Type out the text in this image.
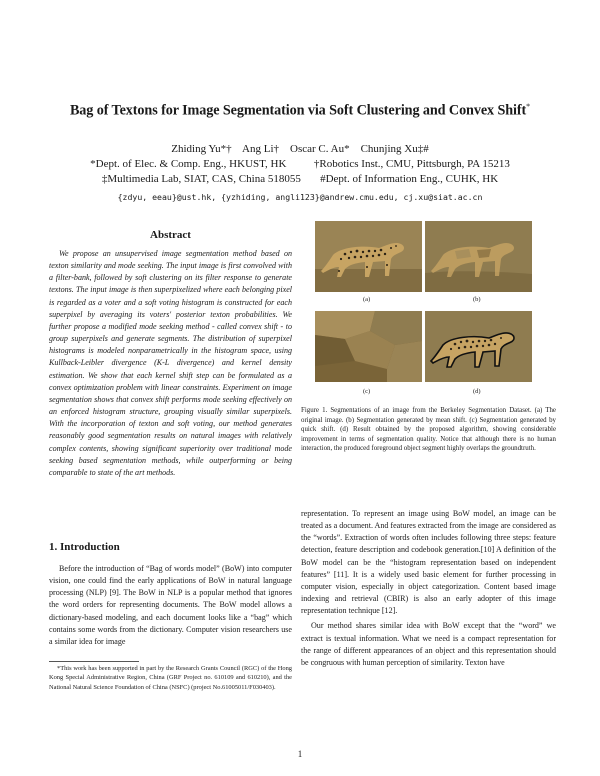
Bag of Textons for Image Segmentation via Soft Clustering and Convex Shift*
Zhiding Yu*†    Ang Li†    Oscar C. Au*    Chunjing Xu‡#
*Dept. of Elec. & Comp. Eng., HKUST, HK          †Robotics Inst., CMU, Pittsburgh, PA 15213
‡Multimedia Lab, SIAT, CAS, China 518055       #Dept. of Information Eng., CUHK, HK
{zdyu, eeau}@ust.hk, {yzhiding, angli123}@andrew.cmu.edu, cj.xu@siat.ac.cn
Abstract

We propose an unsupervised image segmentation method based on texton similarity and mode seeking. The input image is first convolved with a filter-bank, followed by soft clustering on its filter response to generate textons. The input image is then superpixelized where each belonging pixel is regarded as a voter and a soft voting histogram is constructed for each superpixel by averaging its voters' posterior texton probabilities. We further propose a modified mode seeking method - called convex shift - to group superpixels and generate segments. The distribution of superpixel histograms is modeled nonparametrically in the histogram space, using Kullback-Leibler divergence (K-L divergence) and kernel density estimation. We show that each kernel shift step can be formulated as a convex optimization problem with linear constraints. Experiment on image segmentation shows that convex shift performs mode seeking effectively on an enforced histogram structure, grouping visually similar superpixels. With the incorporation of texton and soft voting, our method generates reasonably good segmentation results on natural images with relatively complex contents, showing significant superiority over traditional mode seeking based segmentation methods, while outperforming or being comparable to state of the art methods.

1. Introduction

Before the introduction of “Bag of words model” (BoW) into computer vision, one could find the early applications of BoW in natural language processing (NLP) [9]. The BoW in NLP is a popular method that ignores the word orders for representing documents. The BoW model allows a dictionary-based modeling, and each document looks like a “bag” which contains some words from the dictionary. Computer vision researchers use a similar idea for image

*This work has been supported in part by the Research Grants Council (RGC) of the Hong Kong Special Administrative Region, China (GRF Project no. 610109 and 610210), and the National Natural Science Foundation of China (NSFC) (project No.61005011/F030403).

(a)	(b)
(c)	(d)

Figure 1. Segmentations of an image from the Berkeley Segmentation Dataset. (a) The original image. (b) Segmentation generated by mean shift. (c) Segmentation generated by quick shift. (d) Result obtained by the proposed algorithm, showing considerable improvement in terms of segmentation quality. Notice that although there is no human interaction, the produced foreground object segment highly overlaps the groundtruth.

representation. To represent an image using BoW model, an image can be treated as a document. And features extracted from the image are considered as the “words”. Extraction of words often includes following three steps: feature detection, feature description and codebook generation.[10] A definition of the BoW model can be the “histogram representation based on independent features” [11]. It is a widely used basic element for further processing in computer vision, especially in object categorization. Content based image indexing and retrieval (CBIR) is also an early adopter of this image representation technique [12].

Our method shares similar idea with BoW except that the “word” we extract is textual information. What we need is a compact representation for the range of different appearances of an object and this representation should be congruous with human perception of similarity. Texton have

1
